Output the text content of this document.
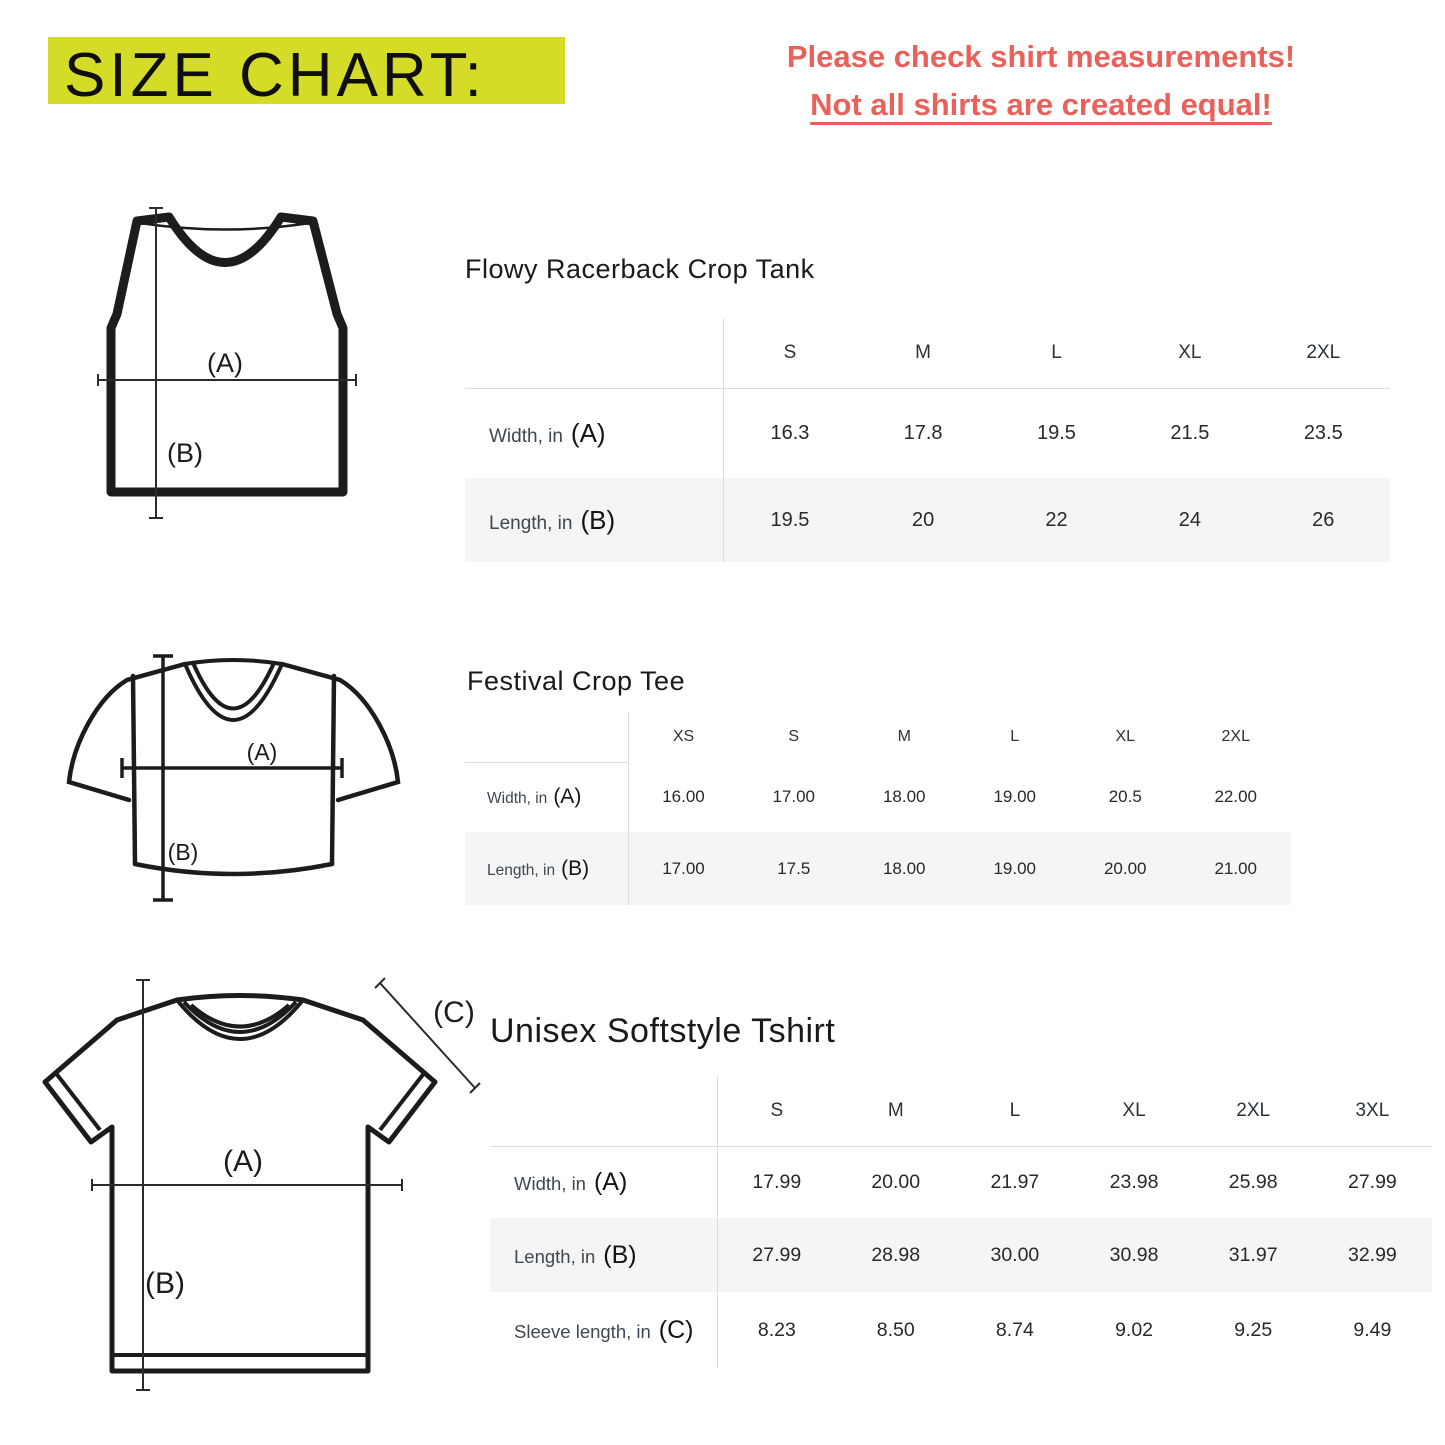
SIZE CHART:	Please check shirt measurements!
Not all shirts are created equal!
(A)
(B)
Flowy Racerback Crop Tank
	S	M	L	XL	2XL
Width, in (A)	16.3	17.8	19.5	21.5	23.5
Length, in (B)	19.5	20	22	24	26
(A)
(B)
Festival Crop Tee
	XS	S	M	L	XL	2XL
Width, in (A)	16.00	17.00	18.00	19.00	20.5	22.00
Length, in (B)	17.00	17.5	18.00	19.00	20.00	21.00
(A)
(B)
(C) Unisex Softstyle Tshirt
	S	M	L	XL	2XL	3XL
Width, in (A)	17.99	20.00	21.97	23.98	25.98	27.99
Length, in (B)	27.99	28.98	30.00	30.98	31.97	32.99
Sleeve length, in (C)	8.23	8.50	8.74	9.02	9.25	9.49
